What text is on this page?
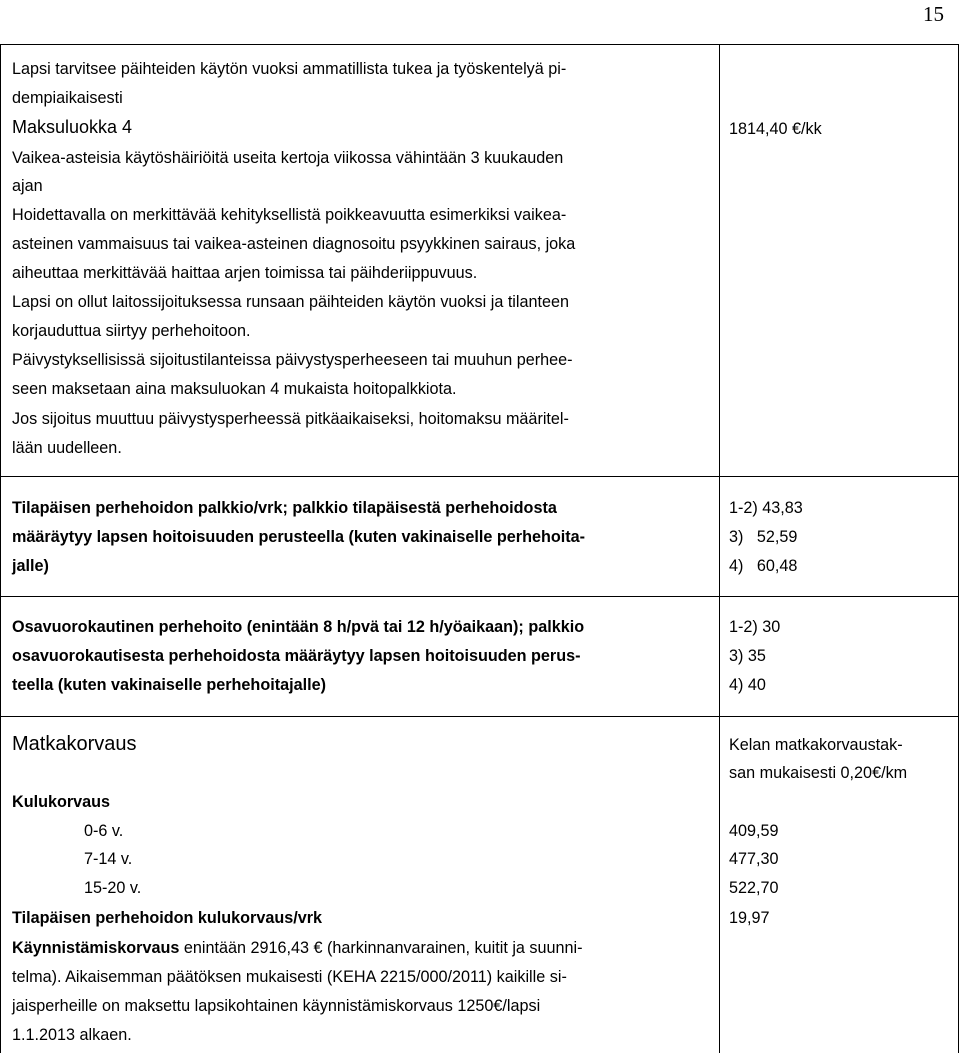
15
Lapsi tarvitsee päihteiden käytön vuoksi ammatillista tukea ja työskentelyä pi-
dempiaikaisesti
Maksuluokka 4
Vaikea-asteisia käytöshäiriöitä useita kertoja viikossa vähintään 3 kuukauden
ajan
Hoidettavalla on merkittävää kehityksellistä poikkeavuutta esimerkiksi vaikea-
asteinen vammaisuus tai vaikea-asteinen diagnosoitu psyykkinen sairaus, joka
aiheuttaa merkittävää haittaa arjen toimissa tai päihderiippuvuus.
Lapsi on ollut laitossijoituksessa runsaan päihteiden käytön vuoksi ja tilanteen
korjauduttua siirtyy perhehoitoon.
Päivystyksellisissä sijoitustilanteissa päivystysperheeseen tai muuhun perhee-
seen maksetaan aina maksuluokan 4 mukaista hoitopalkkiota.
Jos sijoitus muuttuu päivystysperheessä pitkäaikaiseksi, hoitomaksu määritel-
lään uudelleen.
1814,40 €/kk
Tilapäisen perhehoidon palkkio/vrk; palkkio tilapäisestä perhehoidosta
määräytyy lapsen hoitoisuuden perusteella (kuten vakinaiselle perhehoita-
jalle)
1-2) 43,83
3)   52,59
4)   60,48
Osavuorokautinen perhehoito (enintään 8 h/pvä tai 12 h/yöaikaan); palkkio
osavuorokautisesta perhehoidosta määräytyy lapsen hoitoisuuden perus-
teella (kuten vakinaiselle perhehoitajalle)
1-2) 30
3) 35
4) 40
Matkakorvaus	Kelan matkakorvaustak-
san mukaisesti 0,20€/km
Kulukorvaus
0-6 v.
7-14 v.
15-20 v.
409,59
477,30
522,70
Tilapäisen perhehoidon kulukorvaus/vrk	19,97
Käynnistämiskorvaus enintään 2916,43 € (harkinnanvarainen, kuitit ja suunni-
telma). Aikaisemman päätöksen mukaisesti (KEHA 2215/000/2011) kaikille si-
jaisperheille on maksettu lapsikohtainen käynnistämiskorvaus 1250€/lapsi
1.1.2013 alkaen.
